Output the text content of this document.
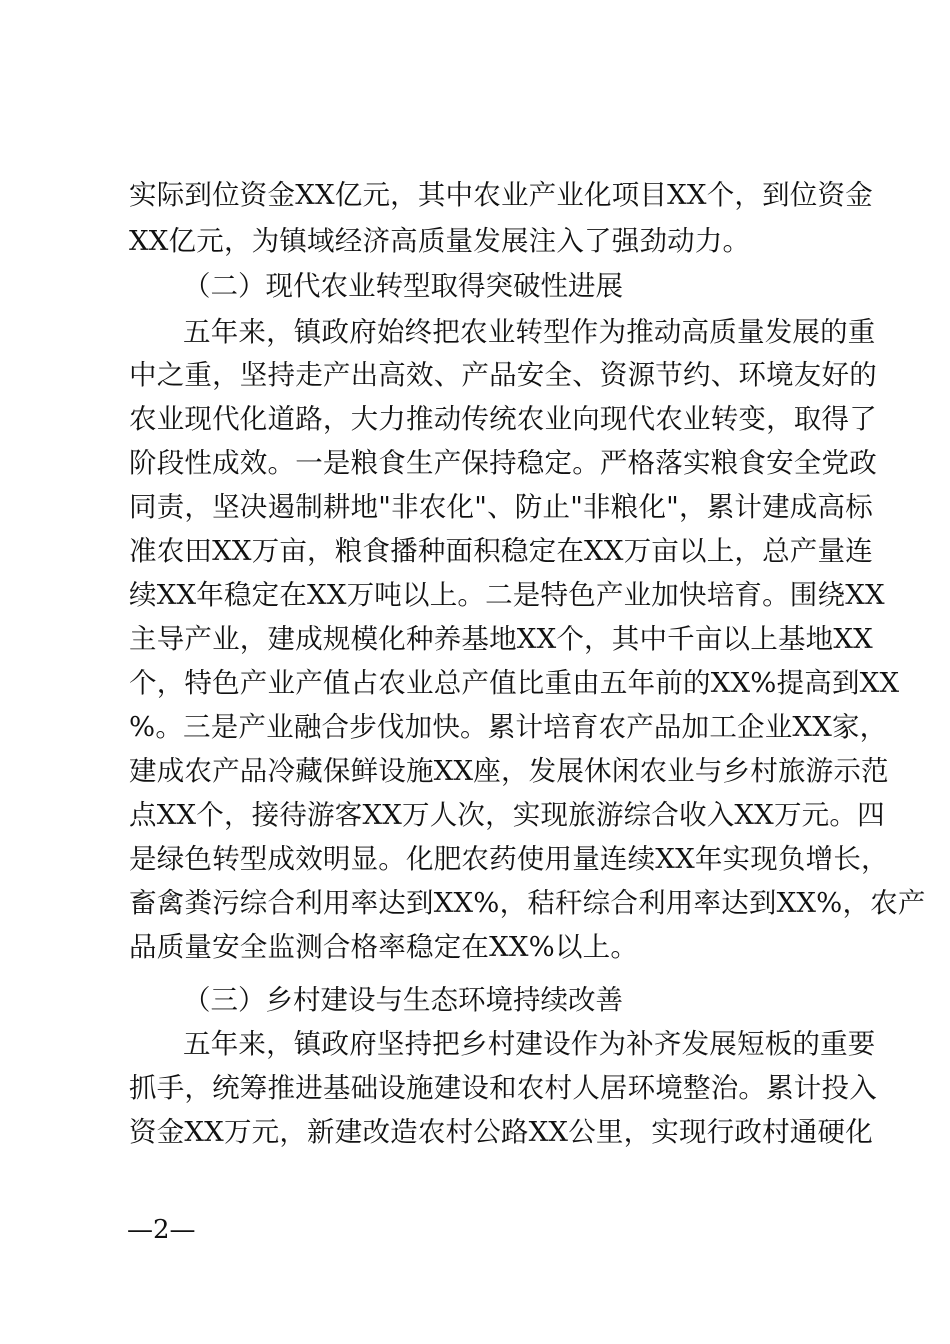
实际到位资金XX亿元，其中农业产业化项目XX个，到位资金
XX亿元，为镇域经济高质量发展注入了强劲动力。
（二）现代农业转型取得突破性进展
五年来，镇政府始终把农业转型作为推动高质量发展的重
中之重，坚持走产出高效、产品安全、资源节约、环境友好的
农业现代化道路，大力推动传统农业向现代农业转变，取得了
阶段性成效。一是粮食生产保持稳定。严格落实粮食安全党政
同责，坚决遏制耕地"非农化"、防止"非粮化"，累计建成高标
准农田XX万亩，粮食播种面积稳定在XX万亩以上，总产量连
续XX年稳定在XX万吨以上。二是特色产业加快培育。围绕XX
主导产业，建成规模化种养基地XX个，其中千亩以上基地XX
个，特色产业产值占农业总产值比重由五年前的XX%提高到XX
%。三是产业融合步伐加快。累计培育农产品加工企业XX家，
建成农产品冷藏保鲜设施XX座，发展休闲农业与乡村旅游示范
点XX个，接待游客XX万人次，实现旅游综合收入XX万元。四
是绿色转型成效明显。化肥农药使用量连续XX年实现负增长，
畜禽粪污综合利用率达到XX%，秸秆综合利用率达到XX%，农产
品质量安全监测合格率稳定在XX%以上。
（三）乡村建设与生态环境持续改善
五年来，镇政府坚持把乡村建设作为补齐发展短板的重要
抓手，统筹推进基础设施建设和农村人居环境整治。累计投入
资金XX万元，新建改造农村公路XX公里，实现行政村通硬化
—2—
